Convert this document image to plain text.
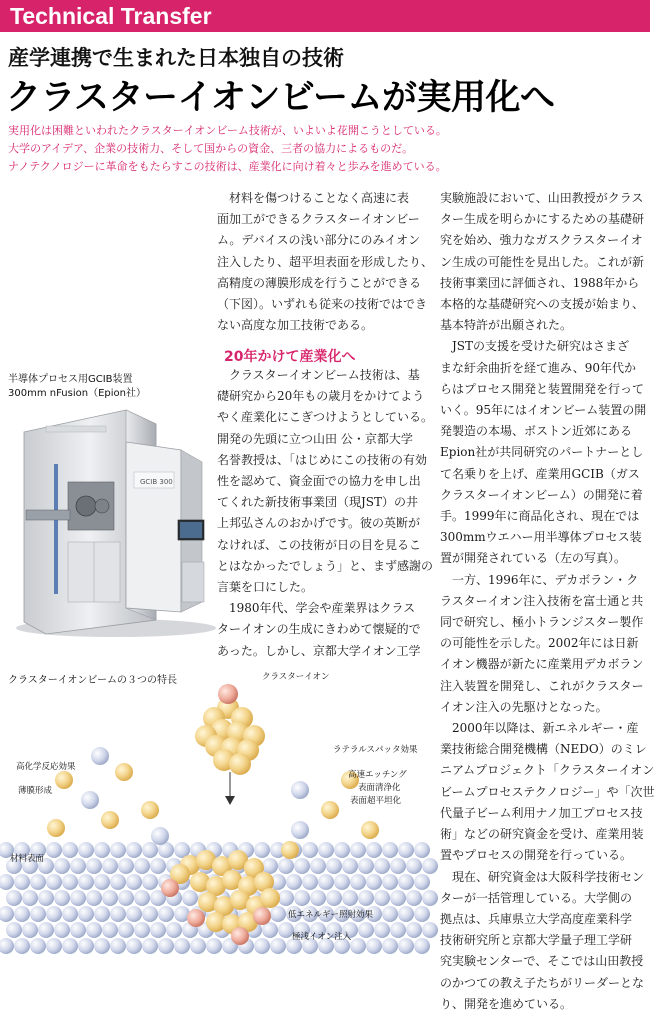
Technical Transfer
産学連携で生まれた日本独自の技術
クラスターイオンビームが実用化へ
実用化は困難といわれたクラスターイオンビーム技術が、いよいよ花開こうとしている。
大学のアイデア、企業の技術力、そして国からの資金、三者の協力によるものだ。
ナノテクノロジーに革命をもたらすこの技術は、産業化に向け着々と歩みを進めている。
　材料を傷つけることなく高速に表
面加工ができるクラスターイオンビー
ム。デバイスの浅い部分にのみイオン
注入したり、超平坦表面を形成したり、
高精度の薄膜形成を行うことができる
（下図）。いずれも従来の技術ではでき
ない高度な加工技術である。
20年かけて産業化へ
　クラスターイオンビーム技術は、基
礎研究から20年もの歳月をかけてよう
やく産業化にこぎつけようとしている。
開発の先頭に立つ山田 公・京都大学
名誉教授は、「はじめにこの技術の有効
性を認めて、資金面での協力を申し出
てくれた新技術事業団（現JST）の井
上邦弘さんのおかげです。彼の英断が
なければ、この技術が日の目を見るこ
とはなかったでしょう」と、まず感謝の
言葉を口にした。
　1980年代、学会や産業界はクラス
ターイオンの生成にきわめて懐疑的で
あった。しかし、京都大学イオン工学
実験施設において、山田教授がクラス
ター生成を明らかにするための基礎研
究を始め、強力なガスクラスターイオ
ン生成の可能性を見出した。これが新
技術事業団に評価され、1988年から
本格的な基礎研究への支援が始まり、
基本特許が出願された。
　JSTの支援を受けた研究はさまざ
まな紆余曲折を経て進み、90年代か
らはプロセス開発と装置開発を行って
いく。95年にはイオンビーム装置の開
発製造の本場、ボストン近郊にある
Epion社が共同研究のパートナーとし
て名乗りを上げ、産業用GCIB（ガス
クラスターイオンビーム）の開発に着
手。1999年に商品化され、現在では
300mmウエハー用半導体プロセス装
置が開発されている（左の写真）。
　一方、1996年に、デカボラン・ク
ラスターイオン注入技術を富士通と共
同で研究し、極小トランジスター製作
の可能性を示した。2002年には日新
イオン機器が新たに産業用デカボラン
注入装置を開発し、これがクラスター
イオン注入の先駆けとなった。
　2000年以降は、新エネルギー・産
業技術総合開発機構（NEDO）のミレ
ニアムプロジェクト「クラスターイオン
ビームプロセステクノロジー」や「次世
代量子ビーム利用ナノ加工プロセス技
術」などの研究資金を受け、産業用装
置やプロセスの開発を行っている。
　現在、研究資金は大阪科学技術セン
ターが一括管理している。大学側の
拠点は、兵庫県立大学高度産業科学
技術研究所と京都大学量子理工学研
究実験センターで、そこでは山田教授
のかつての教え子たちがリーダーとな
り、開発を進めている。
半導体プロセス用GCIB装置
300mm nFusion（Epion社）
GCIB 300
クラスターイオンビームの３つの特長	クラスターイオン
ラテラルスパッタ効果
高化学反応効果
薄膜形成
高速エッチング
表面清浄化
表面超平坦化
材料表面
低エネルギー照射効果
極浅イオン注入
